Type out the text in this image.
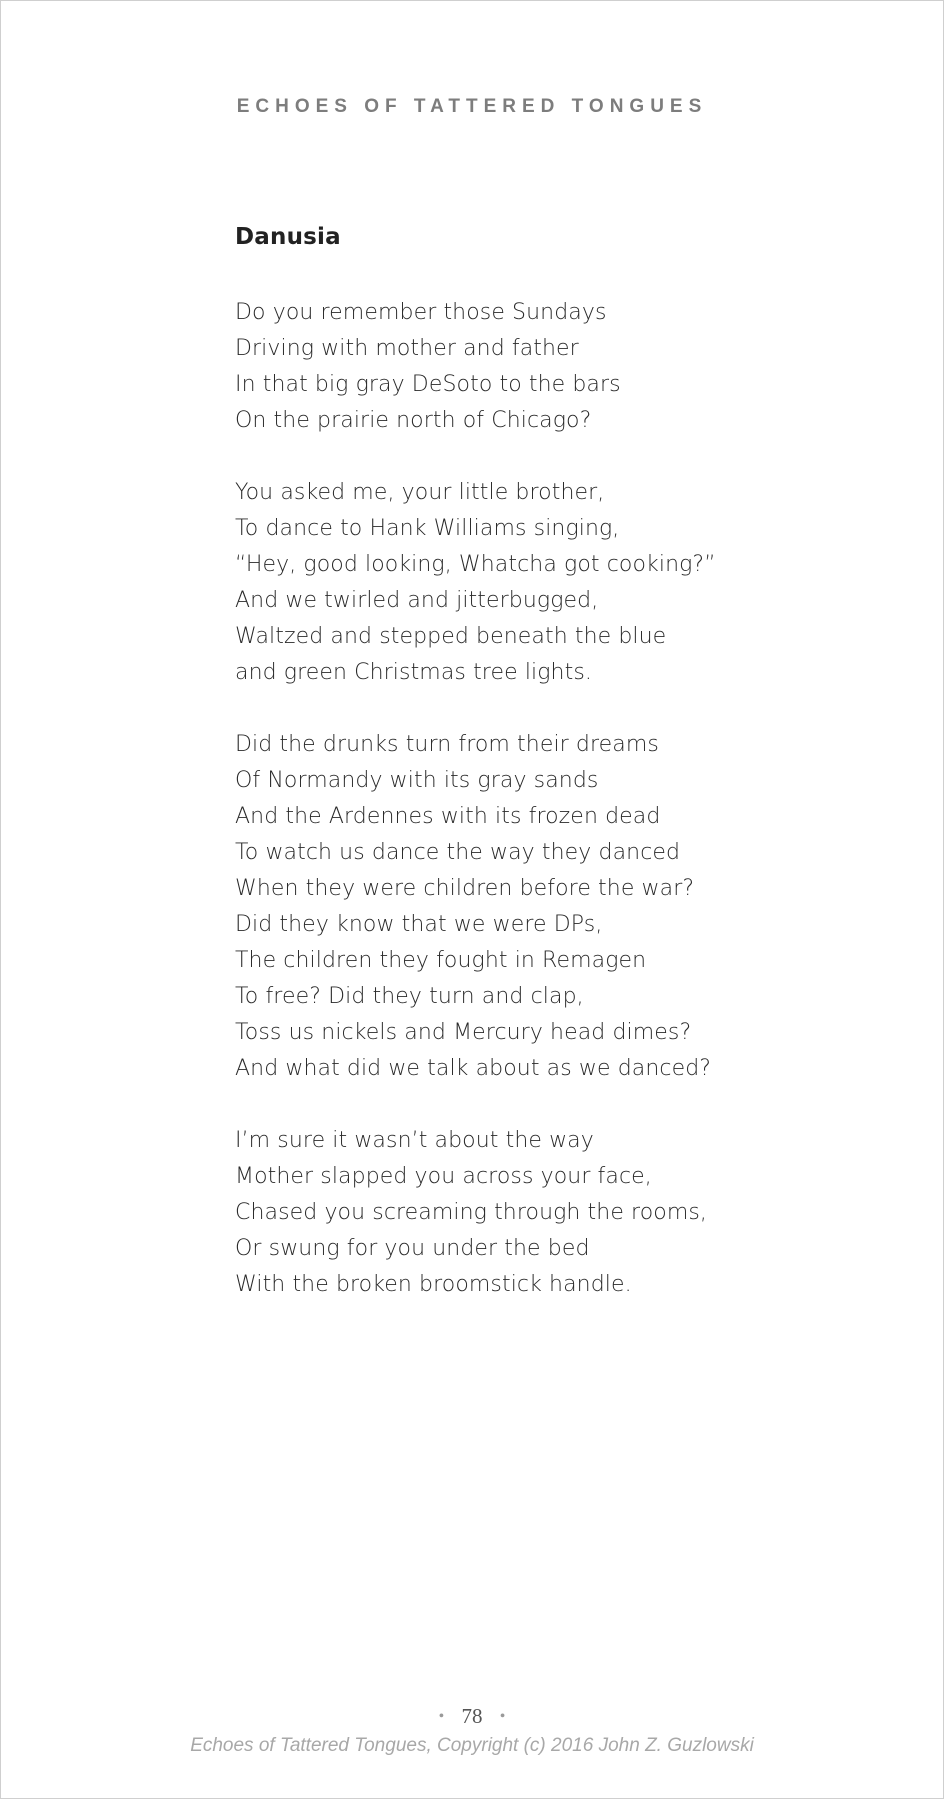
ECHOES OF TATTERED TONGUES
Danusia
Do you remember those Sundays
Driving with mother and father
In that big gray DeSoto to the bars
On the prairie north of Chicago?
You asked me, your little brother,
To dance to Hank Williams singing,
“Hey, good looking, Whatcha got cooking?”
And we twirled and jitterbugged,
Waltzed and stepped beneath the blue
and green Christmas tree lights.
Did the drunks turn from their dreams
Of Normandy with its gray sands
And the Ardennes with its frozen dead
To watch us dance the way they danced
When they were children before the war?
Did they know that we were DPs,
The children they fought in Remagen
To free? Did they turn and clap,
Toss us nickels and Mercury head dimes?
And what did we talk about as we danced?
I’m sure it wasn’t about the way
Mother slapped you across your face,
Chased you screaming through the rooms,
Or swung for you under the bed
With the broken broomstick handle.
• 78 •
Echoes of Tattered Tongues, Copyright (c) 2016 John Z. Guzlowski
